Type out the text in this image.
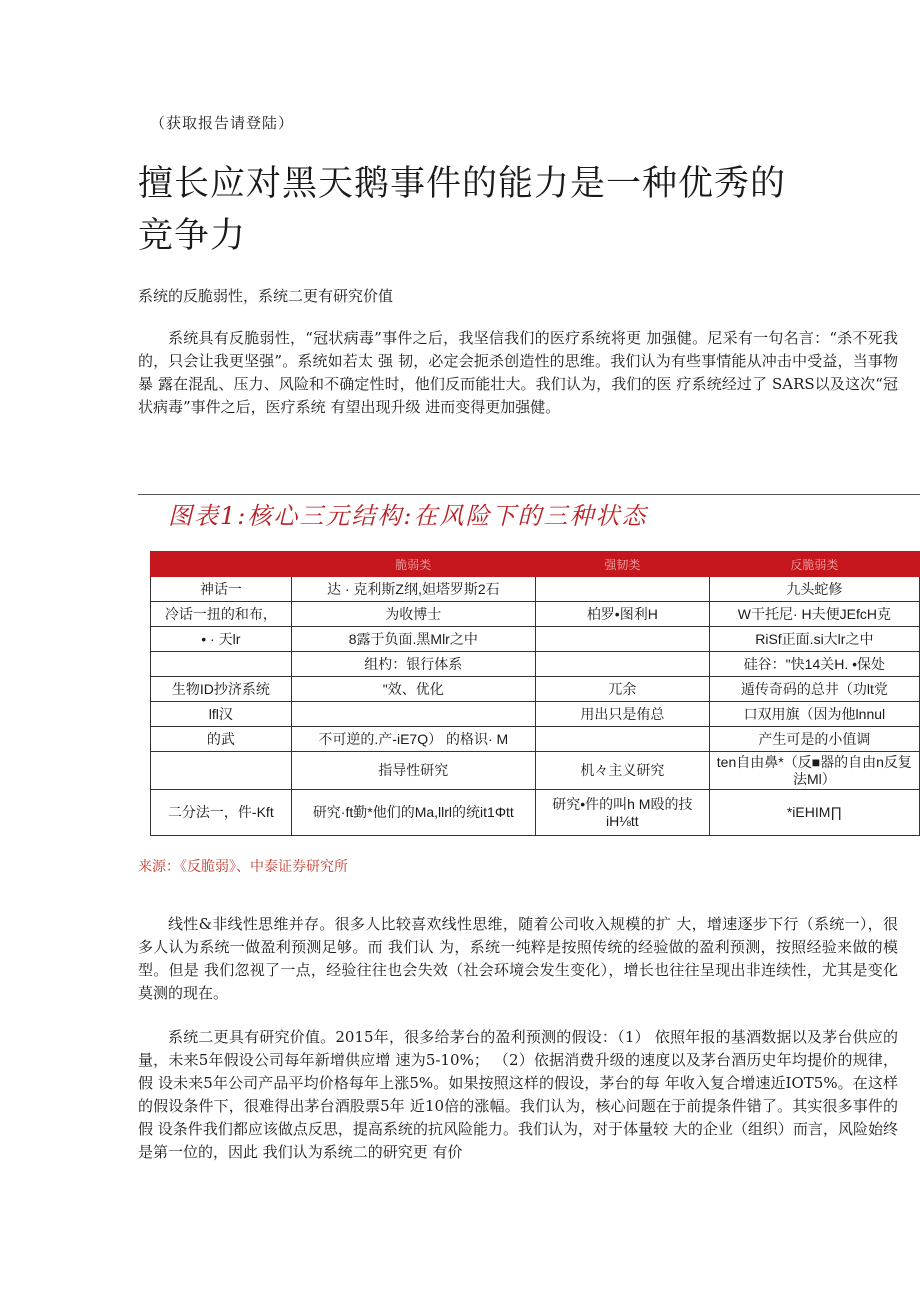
（获取报告请登陆）
擅长应对黑天鹅事件的能力是一种优秀的竞争力
系统的反脆弱性，系统二更有研究价值

系统具有反脆弱性，“冠状病毒”事件之后，我坚信我们的医疗系统将更 加强健。尼采有一句名言：“杀不死我的，只会让我更坚强”。系统如若太 强 韧，必定会扼杀创造性的思维。我们认为有些事情能从冲击中受益，当事物暴 露在混乱、压力、风险和不确定性时，他们反而能壮大。我们认为，我们的医 疗系统经过了 SARS以及这次“冠状病毒”事件之后，医疗系统 有望出现升级 进而变得更加强健。

图表1:核心三元结构:在风险下的三种状态
	脆弱类	强韧类	反脆弱类
神话一	达 · 克利斯Z纲,妲塔罗斯2石		九头蛇修
冷话一扭的和布，	为收博士	柏罗•图利H	W干托尼· H夫便JEfcH克
• · 天lr	8露于负面.黑Mlr之中		RiSf正面.si大lr之中
	组杓：银行体系		硅谷："快14关H. •保处
生物ID抄济系统	"效、优化	兀余	遁传奇码的总井（功lt党
lfl汉		用出只是侑总	口双用旗（因为他lnnul
的武	不可逆的.产-iE7Q） 的格识· M		产生可是的小值调
	指导性研究	机々主义研究	ten自由鼻*（反■器的自由n反复法Ml）
二分法一，件-Kft	研究·ft勤*他们的Ma,llrl的统it1Φtt	研究•件的叫h M殴的技iH⅛tt	*iEHIM∏
来源：《反脆弱》、中泰证券研究所

线性&非线性思维并存。很多人比较喜欢线性思维，随着公司收入规模的扩 大，增速逐步下行（系统一），很多人认为系统一做盈利预测足够。而 我们认 为，系统一纯粹是按照传统的经验做的盈利预测，按照经验来做的模型。但是 我们忽视了一点，经验往往也会失效（社会环境会发生变化），增长也往往呈现出非连续性，尤其是变化莫测的现在。

系统二更具有研究价值。2015年，很多给茅台的盈利预测的假设：（1） 依照年报的基酒数据以及茅台供应的量，未来5年假设公司每年新增供应增 速为5-10%； （2）依据消费升级的速度以及茅台酒历史年均提价的规律，假 设未来5年公司产品平均价格每年上涨5%。如果按照这样的假设，茅台的每 年收入复合增速近IOT5%。在这样的假设条件下，很难得出茅台酒股票5年 近10倍的涨幅。我们认为，核心问题在于前提条件错了。其实很多事件的假 设条件我们都应该做点反思，提高系统的抗风险能力。我们认为，对于体量较 大的企业（组织）而言，风险始终是第一位的，因此 我们认为系统二的研究更 有价
